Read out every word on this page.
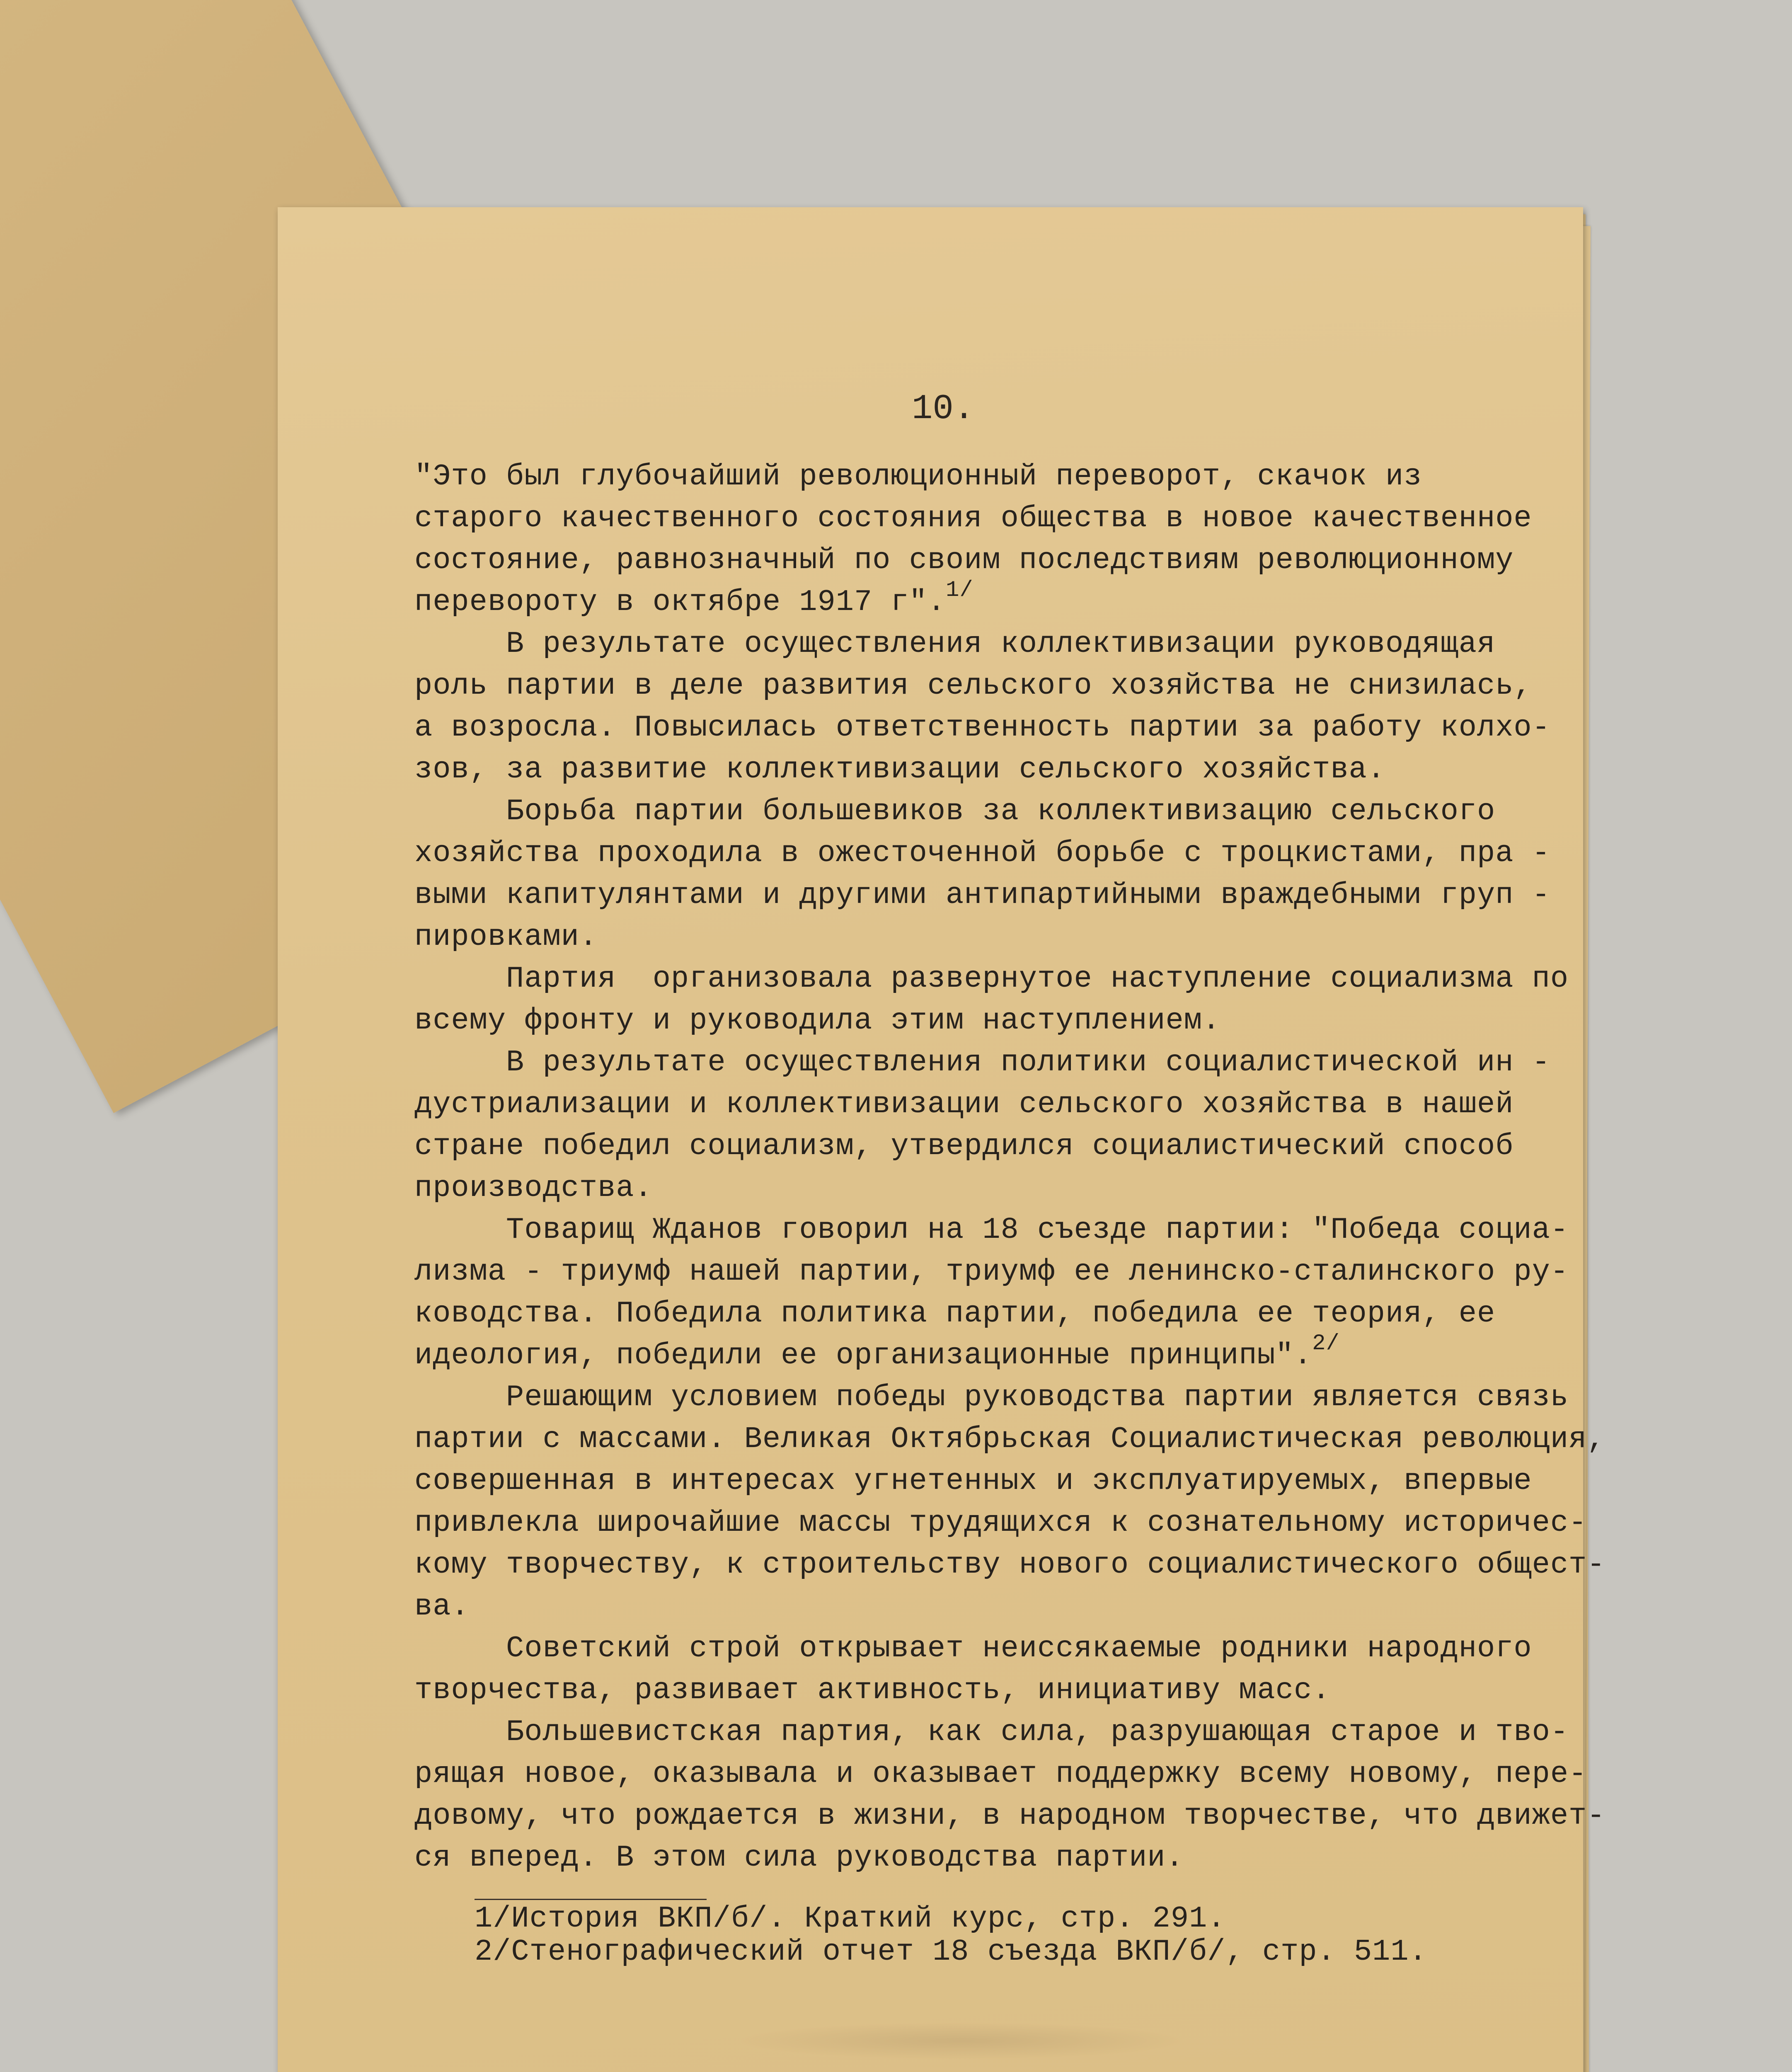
10.
"Это был глубочайший революционный переворот, скачок из
старого качественного состояния общества в новое качественное
состояние, равнозначный по своим последствиям революционному
перевороту в октябре 1917 г".$^{1/}$
В результате осуществления коллективизации руководящая
роль партии в деле развития сельского хозяйства не снизилась,
а возросла. Повысилась ответственность партии за работу колхо-
зов, за развитие коллективизации сельского хозяйства.
Борьба партии большевиков за коллективизацию сельского
хозяйства проходила в ожесточенной борьбе с троцкистами, пра -
выми капитулянтами и другими антипартийными враждебными груп -
пировками.
Партия  организовала развернутое наступление социализма по
всему фронту и руководила этим наступлением.
В результате осуществления политики социалистической ин -
дустриализации и коллективизации сельского хозяйства в нашей
стране победил социализм, утвердился социалистический способ
производства.
Товарищ Жданов говорил на 18 съезде партии: "Победа социа-
лизма - триумф нашей партии, триумф ее ленинско-сталинского ру-
ководства. Победила политика партии, победила ее теория, ее
идеология, победили ее организационные принципы".$^{2/}$
Решающим условием победы руководства партии является связь
партии с массами. Великая Октябрьская Социалистическая революция,
совершенная в интересах угнетенных и эксплуатируемых, впервые
привлекла широчайшие массы трудящихся к сознательному историчес-
кому творчеству, к строительству нового социалистического общест-
ва.
Советский строй открывает неиссякаемые родники народного
творчества, развивает активность, инициативу масс.
Большевистская партия, как сила, разрушающая старое и тво-
рящая новое, оказывала и оказывает поддержку всему новому, пере-
довому, что рождается в жизни, в народном творчестве, что движет-
ся вперед. В этом сила руководства партии.
1/История ВКП/б/. Краткий курс, стр. 291.
2/Стенографический отчет 18 съезда ВКП/б/, стр. 511.
